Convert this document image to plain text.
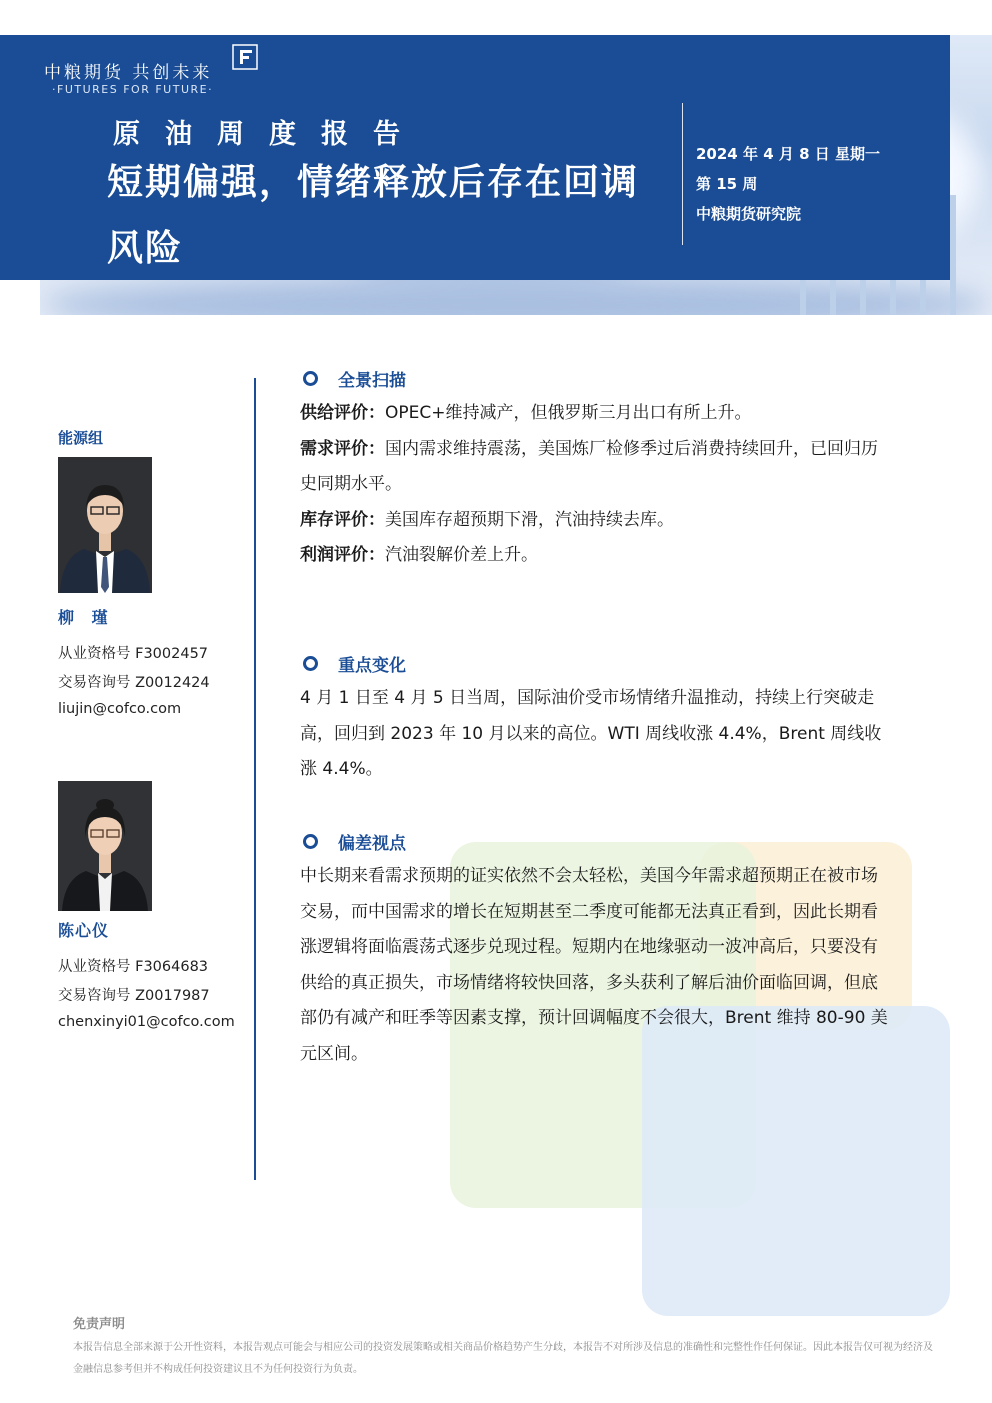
中粮期货 共创未来
·FUTURES FOR FUTURE·
原油周度报告
短期偏强，情绪释放后存在回调风险
2024 年 4 月 8 日 星期一
第 15 周
中粮期货研究院
能源组
柳 瑾
从业资格号 F3002457
交易咨询号 Z0012424
liujin@cofco.com
陈心仪
从业资格号 F3064683
交易咨询号 Z0017987
chenxinyi01@cofco.com
全景扫描
供给评价：OPEC+维持减产，但俄罗斯三月出口有所上升。
需求评价：国内需求维持震荡，美国炼厂检修季过后消费持续回升，已回归历史同期水平。
库存评价：美国库存超预期下滑，汽油持续去库。
利润评价：汽油裂解价差上升。
重点变化
4 月 1 日至 4 月 5 日当周，国际油价受市场情绪升温推动，持续上行突破走高，回归到 2023 年 10 月以来的高位。WTI 周线收涨 4.4%，Brent 周线收涨 4.4%。
偏差视点
中长期来看需求预期的证实依然不会太轻松，美国今年需求超预期正在被市场交易，而中国需求的增长在短期甚至二季度可能都无法真正看到，因此长期看涨逻辑将面临震荡式逐步兑现过程。短期内在地缘驱动一波冲高后，只要没有供给的真正损失，市场情绪将较快回落，多头获利了解后油价面临回调，但底部仍有减产和旺季等因素支撑，预计回调幅度不会很大，Brent 维持 80-90 美元区间。
免责声明
本报告信息全部来源于公开性资料，本报告观点可能会与相应公司的投资发展策略或相关商品价格趋势产生分歧，本报告不对所涉及信息的准确性和完整性作任何保证。因此本报告仅可视为经济及金融信息参考但并不构成任何投资建议且不为任何投资行为负责。
